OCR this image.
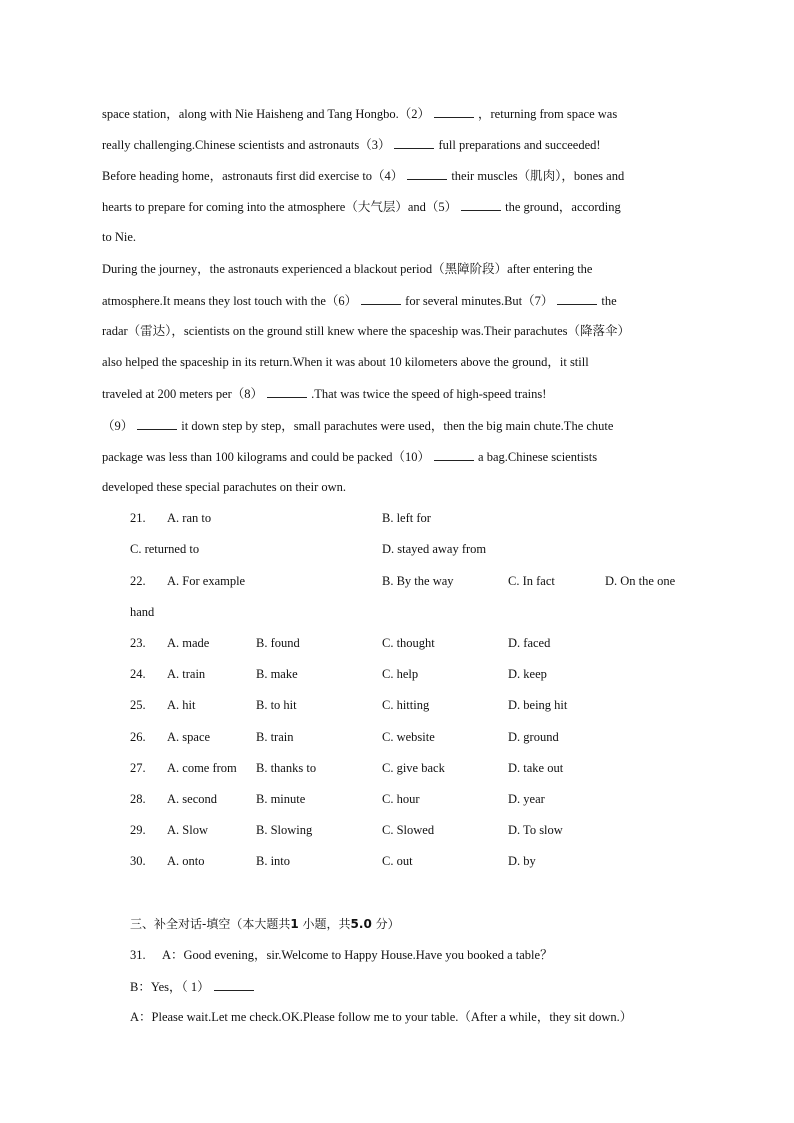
space station，along with Nie Haisheng and Tang Hongbo.（2）	，returning from space was
really challenging.Chinese scientists and astronauts（3）	full preparations and succeeded!
Before heading home，astronauts first did exercise to（4）	their muscles（肌肉），bones and
hearts to prepare for coming into the atmosphere（大气层）and（5）	the ground，according
to Nie.
During the journey，the astronauts experienced a blackout period（黑障阶段）after entering the
atmosphere.It means they lost touch with the（6）	for several minutes.But（7）	the
radar（雷达），scientists on the ground still knew where the spaceship was.Their parachutes（降落伞）
also helped the spaceship in its return.When it was about 10 kilometers above the ground，it still
traveled at 200 meters per（8）	.That was twice the speed of high-speed trains!
（9）	it down step by step，small parachutes were used，then the big main chute.The chute
package was less than 100 kilograms and could be packed（10）	a bag.Chinese scientists
developed these special parachutes on their own.
21. A. ran to	B. left for
C. returned to	D. stayed away from
22. A. For example	B. By the way	C. In fact	D. On the one
hand
23. A. made	B. found	C. thought	D. faced
24. A. train	B. make	C. help	D. keep
25. A. hit	B. to hit	C. hitting	D. being hit
26. A. space	B. train	C. website	D. ground
27. A. come from B. thanks to	C. give back	D. take out
28. A. second	B. minute	C. hour	D. year
29. A. Slow	B. Slowing	C. Slowed	D. To slow
30. A. onto	B. into	C. out	D. by
三、补全对话-填空（本大题共1 小题，共5.0 分）
31. A：Good evening，sir.Welcome to Happy House.Have you booked a table？
B：Yes，（ 1）
A：Please wait.Let me check.OK.Please follow me to your table.（After a while，they sit down.）
